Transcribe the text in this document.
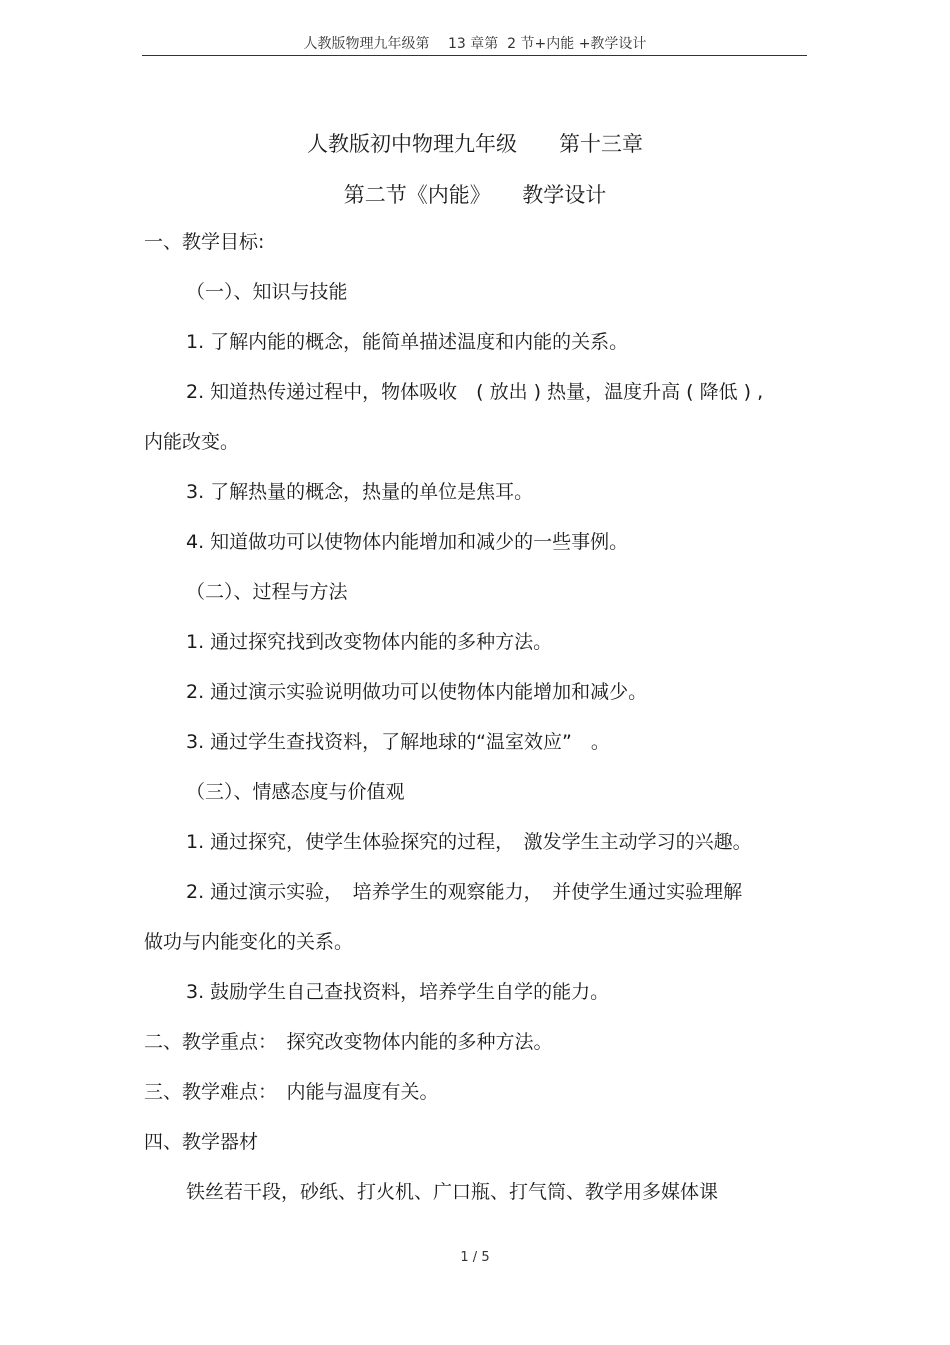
人教版物理九年级第　 13 章第  2 节+内能 +教学设计
人教版初中物理九年级　　第十三章
第二节《内能》　　教学设计
一、教学目标:
（一）、知识与技能
1. 了解内能的概念，能简单描述温度和内能的关系。
2. 知道热传递过程中，物体吸收　( 放出 ) 热量，温度升高 ( 降低 ) ,
内能改变。
3. 了解热量的概念，热量的单位是焦耳。
4. 知道做功可以使物体内能增加和减少的一些事例。
（二）、过程与方法
1. 通过探究找到改变物体内能的多种方法。
2. 通过演示实验说明做功可以使物体内能增加和减少。
3. 通过学生查找资料，了解地球的“温室效应”　。
（三）、情感态度与价值观
1. 通过探究，使学生体验探究的过程，　激发学生主动学习的兴趣。
2. 通过演示实验，　培养学生的观察能力，　并使学生通过实验理解
做功与内能变化的关系。
3. 鼓励学生自己查找资料，培养学生自学的能力。
二、教学重点：　探究改变物体内能的多种方法。
三、教学难点：　内能与温度有关。
四、教学器材
铁丝若干段，砂纸、打火机、广口瓶、打气筒、教学用多媒体课
1 / 5
